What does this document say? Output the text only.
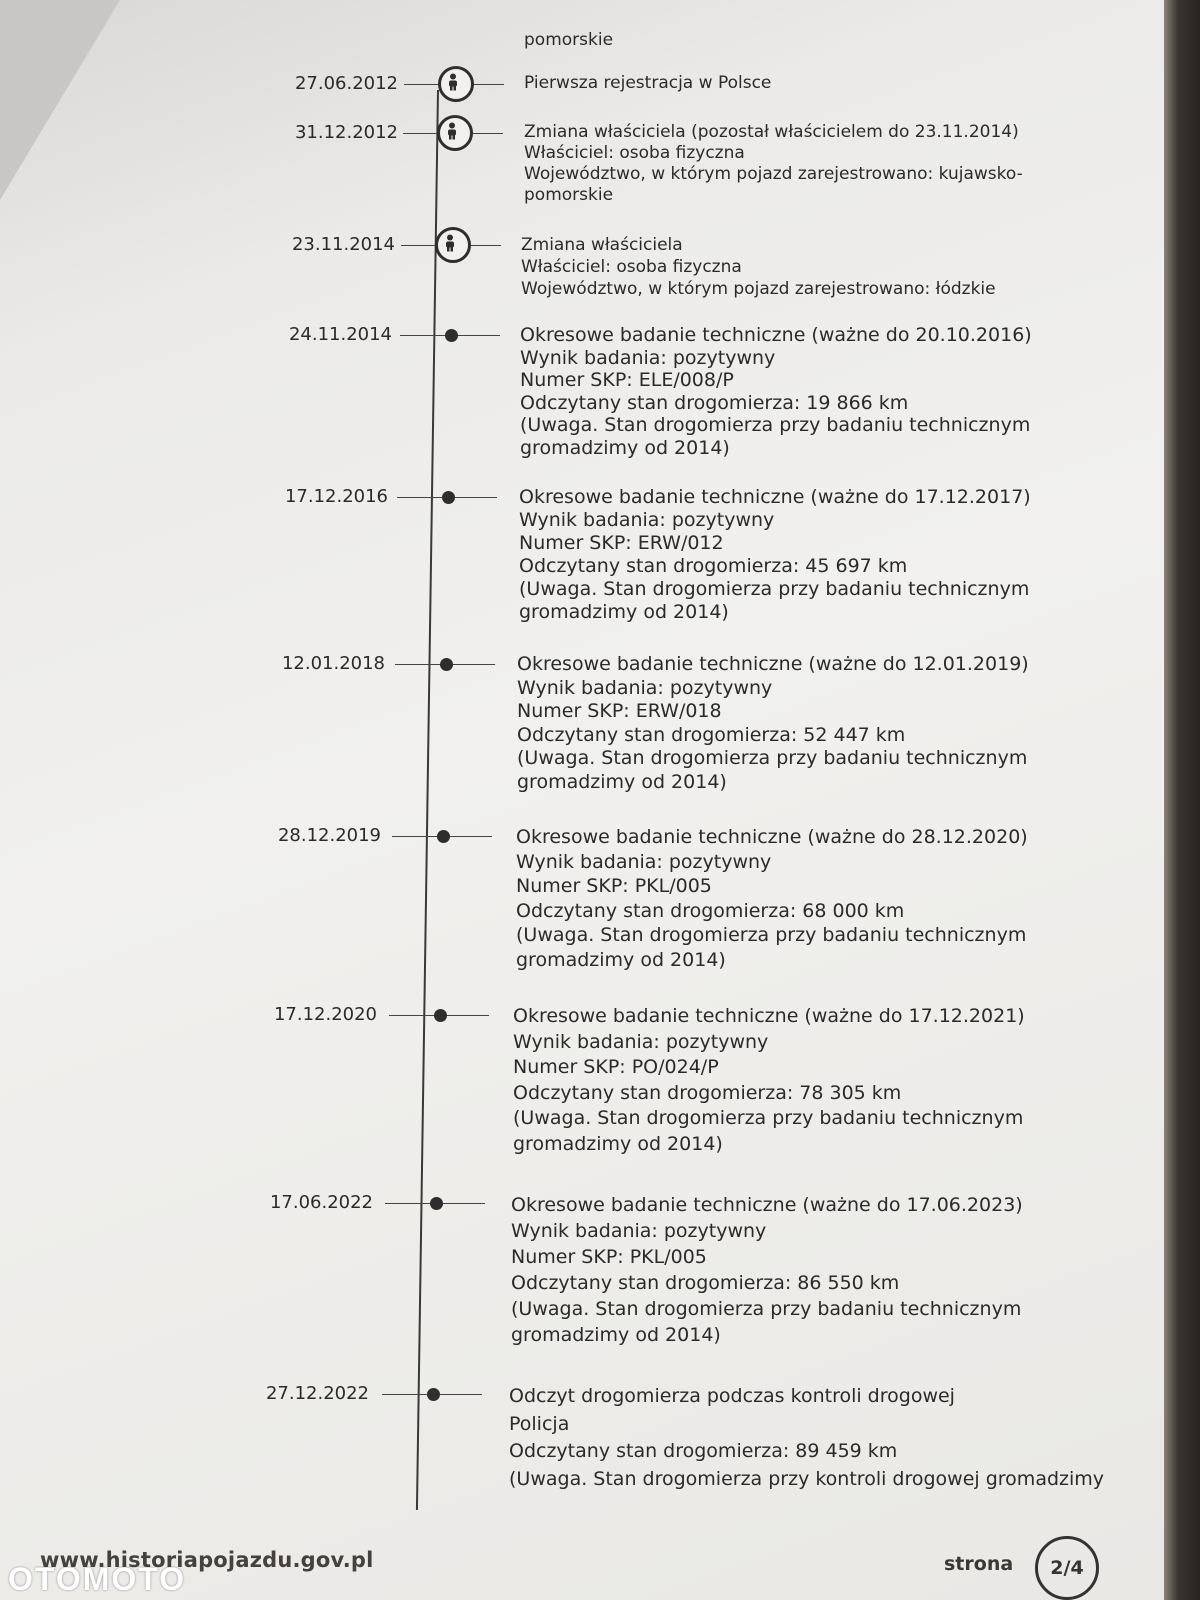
pomorskie
27.06.2012	Pierwsza rejestracja w Polsce
31.12.2012	Zmiana właściciela (pozostał właścicielem do 23.11.2014)
Właściciel: osoba fizyczna
Województwo, w którym pojazd zarejestrowano: kujawsko-
pomorskie
23.11.2014	Zmiana właściciela
Właściciel: osoba fizyczna
Województwo, w którym pojazd zarejestrowano: łódzkie
24.11.2014	Okresowe badanie techniczne (ważne do 20.10.2016)
Wynik badania: pozytywny
Numer SKP: ELE/008/P
Odczytany stan drogomierza: 19 866 km
(Uwaga. Stan drogomierza przy badaniu technicznym
gromadzimy od 2014)
17.12.2016	Okresowe badanie techniczne (ważne do 17.12.2017)
Wynik badania: pozytywny
Numer SKP: ERW/012
Odczytany stan drogomierza: 45 697 km
(Uwaga. Stan drogomierza przy badaniu technicznym
gromadzimy od 2014)
12.01.2018	Okresowe badanie techniczne (ważne do 12.01.2019)
Wynik badania: pozytywny
Numer SKP: ERW/018
Odczytany stan drogomierza: 52 447 km
(Uwaga. Stan drogomierza przy badaniu technicznym
gromadzimy od 2014)
28.12.2019	Okresowe badanie techniczne (ważne do 28.12.2020)
Wynik badania: pozytywny
Numer SKP: PKL/005
Odczytany stan drogomierza: 68 000 km
(Uwaga. Stan drogomierza przy badaniu technicznym
gromadzimy od 2014)
17.12.2020	Okresowe badanie techniczne (ważne do 17.12.2021)
Wynik badania: pozytywny
Numer SKP: PO/024/P
Odczytany stan drogomierza: 78 305 km
(Uwaga. Stan drogomierza przy badaniu technicznym
gromadzimy od 2014)
17.06.2022	Okresowe badanie techniczne (ważne do 17.06.2023)
Wynik badania: pozytywny
Numer SKP: PKL/005
Odczytany stan drogomierza: 86 550 km
(Uwaga. Stan drogomierza przy badaniu technicznym
gromadzimy od 2014)
27.12.2022	Odczyt drogomierza podczas kontroli drogowej
Policja
Odczytany stan drogomierza: 89 459 km
(Uwaga. Stan drogomierza przy kontroli drogowej gromadzimy
www.historiapojazdu.gov.pl	strona	2/4
OTOMOTO
